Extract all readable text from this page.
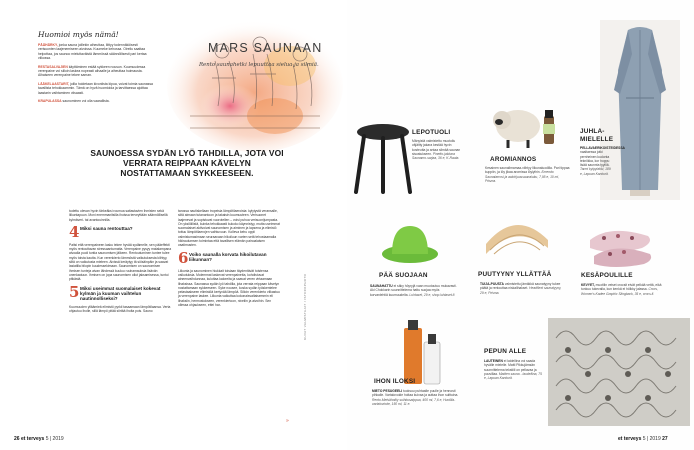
Huomioi myös nämä!

PÄÄHÄRKY, jonka sauna joillekin aiheuttaa, liittyy todennäköisesti verisuonten laajenemiseen aivoissa. Kuumeke kehossa. Oireilu saattaa helpottaa, jos saunoo mieluttaväistä lämmössä säännöllisesti pari kertaa viikossa.

RESTASALVAJIEN käyttäminen estää sykkeen nousun. Kuumuudessa verenpaine voi silloin laskea nopeasti alhaalle ja aiheuttaa huimausta. Alhaiseen verenpaine tekee saman.

LÄÄKELAASTARIT, joilla hoidetaan kivoniista kipua, voivat toimia saunassa tavallista tehokkaammin. Tämä on hyvä huomioida ja tarvittaessa ajoittaa laastarin vaihtaminen viisaasti.

KRAPULASSA saunominen voi olla vaarallista.

SAUNOESSA SYDÄN LYÖ TAHDILLA, JOTA VOI VERRATA REIPPAAN KÄVELYN NOSTATTAMAAN SYKKEESEEN.

todettu olevan hyvin tärkeäksi roumua saitastavien ihmisten sekä liikuntapuun. Moni enemmanitsilla ihoissa terveyttään säännöllisellä kylmäveri- tai avantouinnilla.

4 Miksi sauna rentouttaa?

Paitsi että verenpaineen lasku tekee hyvää sydämelle, sen pääeffekti myös rentouttavan stressaantumatta. Verenpaine pysyy matalampana aivoalla puoli tuntia saunomisen jälkeen. Rentoutuminen tuntee tulee myös toista kautta. Kun verenkierto lämmöstä vaikutuksesta kiihtyy, siltä on vaikutusta mieleen. Aivissä keräytyy tä söisäinpäin ja saavat lasiatilla bilopin kuudessekimaan. Saunomisen on saunomisen ihmisen tunteja aivan lähdessä kuuluu ruuhamauksia lisävän unenlaatuun. Ihmisen on jopa saunomisen ollut jaksamisessa, tuntui pitkästä.

5 Miksi useimmat suomalaiset kokevat kylmän ja kuuman vaihtelun nautinnolliseksi?

Kuumuuden ylläämieä elimistö pyrkii tasaamaan lämpötilaansa. Verta ohjautuu iholle, sillä lämpö pitää siirtää iholta pois. Sauno

tarossa nautiskellaan tropeisia lämpötilaeroista: kylytystä veransalle, siitä aimaan tutanantoon ja takaisin kuumuuteen. Verisuonet laajenevat ja supistuvat vuorotellen – voisi puhua verisuonijumpasta. On yksilöllistä, kuinka tehokkaasti kukoko käynnistyy, mutta useimmat suomalaiset aktivoivat saunomisen ja aiminen ja lapsena ja elimistö tottuu lämpötilaerojen vaihtuvuun. Kolleva kehu oppii valmistumasimaan seuraavaan hikoiluun varten setä tehostaamalla hikiraulumsen toimintaa että tavallisen elämän painoalaisen vaatimusten.

6 Voiko saunalla korvata hikoilutavan liikunnan?

Liikunta ja saunominen hiukkait toisiaan täydentävät toistensa vaikutuksia. Molemmat laskevat verenpainetta, kohdistuvat aineenvaihdunnaa, kuluttaa kaloreita ja saavat veren virtaamaan lihaksissa. Saunassa sydän lyö tahdilla, jota verrata reippaan kävelyn nostattamaan sykkeeseen. Syke nousee, koska sydän työskentelee pelastaakseen elimistöä kertyvää lämpöä. Silloin verenkierto vilkastuu ja verenpaine laskee. Liikunta vaikuttaa kokonaisvaltaisemmin eli lihaksiin, hermostokseen, verenkiertoon, niveliin ja aivoihin. Sen ollessa ohjaukseen, ettei har-

»
26 et terveys 5 | 2019
MARS SAUNAAN
Rento saunahetki lepuuttaa sielua ja silmiä.
JUHLA-MIELELLE
PELLAVAERIKOISTEIDESSA naaltaessa jotki pernheinen kudonta tekniikka, kor hoppu lisää saunnta tyylliä. Tarmi kylpytakki, 189 e, Lapuan Kankurit.
LEPOTUOLI
Mänyistä valmistettu muotoilu väjäitty jakara kestää hyvin kosteutta ja antaa silmää saunan sisustukseen. Pinetto-jakkara Saunamo-sarjaa, 36 e, K-Rauta.	AROMIANNOS
Kesainen saunailmamaa-viihtyy liikunaluodilla. Pari tippaa kuppiin, ja löy jikaa aromissa löylyihin. Emendo Saunatarrosi ja aalohjuussaunaluku, 7,95 e, 10 ml, Prisma.
PÄÄ SUOJAAN
SAUNAHATTU ei säky höyryjä vaan muotoutuu mukavasti. Aki Chokkarin suunnittelema hattu suojaa myös korvanlehtiä kuumuudelta. Luhtaset, 29 e, shop.luhtaset.fi.
PUUTYYNY YLLÄTTÄÄ
TUIJA-PUUSTA valmistettu jämäkkä saunatyyny tukee päätä ja rentouttaa niskalihakset. Headflext saunatyyny, 29 e, Prisma.
KESÄPOULILLE
KEVYET, muotilin veiset crocsit eivät pelkää vettä, eikä tunkuu tukevalla, kun kenkä ei hölkky jalassa. Crocs, Women's Kadee Graphic Slingback, 35 e, crocs.fi.
IHON ILOKSI
MIETO PESUGEELI tuoksuu puhtaalle puulle ja hennosti pihkalle. Vartalovoide hoitaa kuivaa ja auttaa ihon sulttuina. Rento-Metsähoitiy suihkusaippua, 400 ml, 7,6 e, Huolilla-vartaloviode, 150 ml, 11 e.
PEPUN ALLE
LAUTEINEN ei laidellina voi saada hyvälle mielelle. Matti Pikkujämsän suunnittelema tekstiili on pellavaa ja puuvillaa. Maiden sauna - laudeliina, 75 e, Lapuan Kankurit.
KUVAT VALMISTAJAT / ISTOCKPHOTO
et terveys 5 | 2019 27
